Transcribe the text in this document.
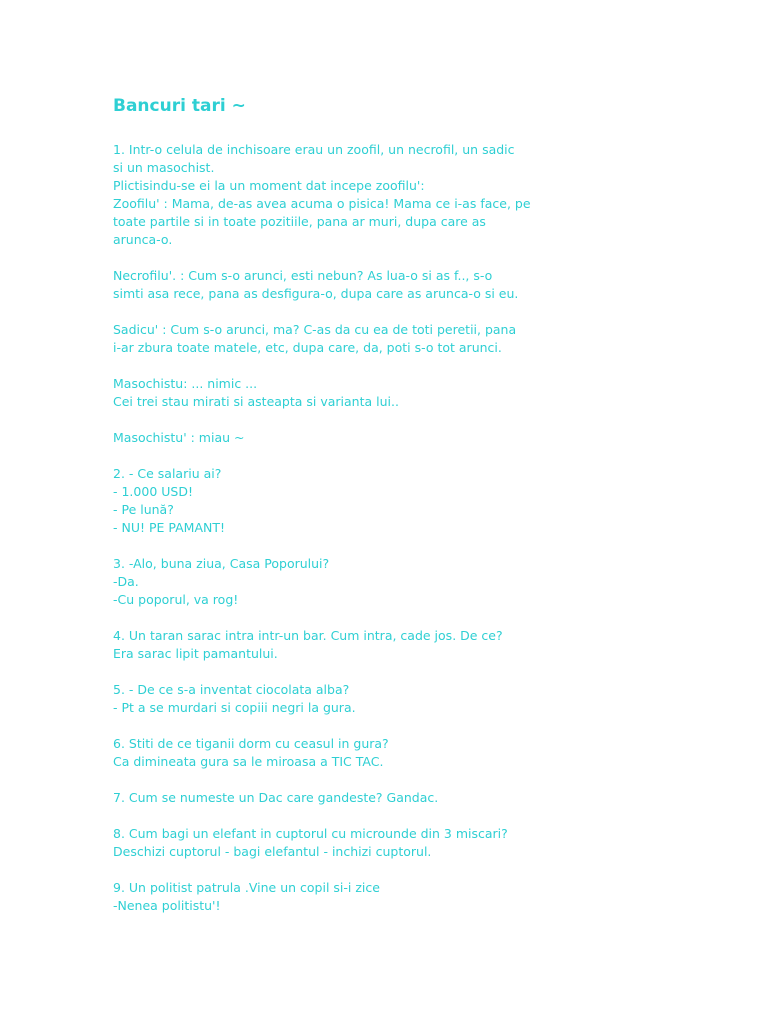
Bancuri tari ~
1. Intr-o celula de inchisoare erau un zoofil, un necrofil, un sadic
si un masochist.
Plictisindu-se ei la un moment dat incepe zoofilu':
Zoofilu' : Mama, de-as avea acuma o pisica! Mama ce i-as face, pe
toate partile si in toate pozitiile, pana ar muri, dupa care as
arunca-o.
Necrofilu'. : Cum s-o arunci, esti nebun? As lua-o si as f.., s-o
simti asa rece, pana as desfigura-o, dupa care as arunca-o si eu.
Sadicu' : Cum s-o arunci, ma? C-as da cu ea de toti peretii, pana
i-ar zbura toate matele, etc, dupa care, da, poti s-o tot arunci.
Masochistu: ... nimic ...
Cei trei stau mirati si asteapta si varianta lui..
Masochistu' : miau ~
2. - Ce salariu ai?
- 1.000 USD!
- Pe lună?
- NU! PE PAMANT!
3. -Alo, buna ziua, Casa Poporului?
-Da.
-Cu poporul, va rog!
4. Un taran sarac intra intr-un bar. Cum intra, cade jos. De ce?
Era sarac lipit pamantului.
5. - De ce s-a inventat ciocolata alba?
- Pt a se murdari si copiii negri la gura.
6. Stiti de ce tiganii dorm cu ceasul in gura?
Ca dimineata gura sa le miroasa a TIC TAC.
7. Cum se numeste un Dac care gandeste? Gandac.
8. Cum bagi un elefant in cuptorul cu microunde din 3 miscari?
Deschizi cuptorul - bagi elefantul - inchizi cuptorul.
9. Un politist patrula .Vine un copil si-i zice
-Nenea politistu'!
